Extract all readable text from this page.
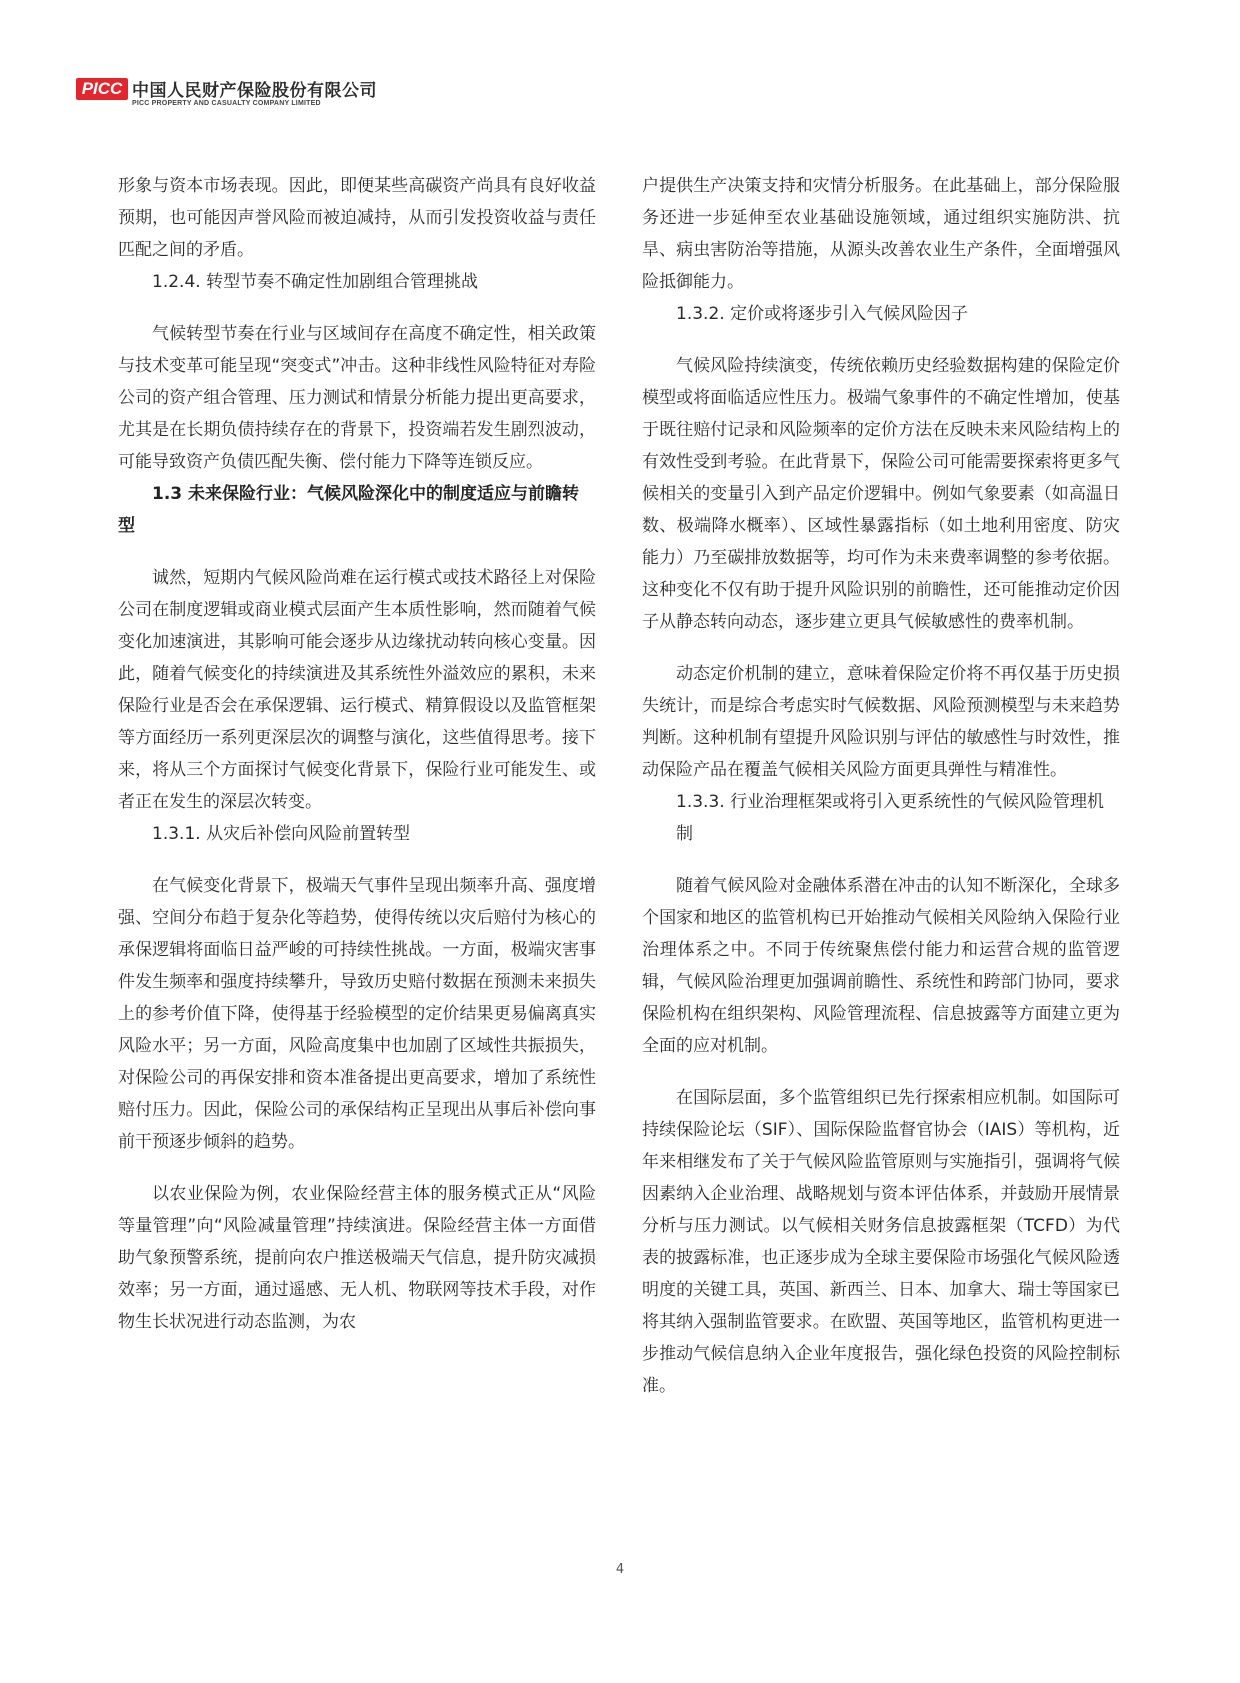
PICC 中国人民财产保险股份有限公司
PICC PROPERTY AND CASUALTY COMPANY LIMITED

形象与资本市场表现。因此，即便某些高碳资产尚具有良好收益预期，也可能因声誉风险而被迫减持，从而引发投资收益与责任匹配之间的矛盾。

1.2.4. 转型节奏不确定性加剧组合管理挑战

气候转型节奏在行业与区域间存在高度不确定性，相关政策与技术变革可能呈现“突变式”冲击。这种非线性风险特征对寿险公司的资产组合管理、压力测试和情景分析能力提出更高要求，尤其是在长期负债持续存在的背景下，投资端若发生剧烈波动，可能导致资产负债匹配失衡、偿付能力下降等连锁反应。

1.3 未来保险行业：气候风险深化中的制度适应与前瞻转型

诚然，短期内气候风险尚难在运行模式或技术路径上对保险公司在制度逻辑或商业模式层面产生本质性影响，然而随着气候变化加速演进，其影响可能会逐步从边缘扰动转向核心变量。因此，随着气候变化的持续演进及其系统性外溢效应的累积，未来保险行业是否会在承保逻辑、运行模式、精算假设以及监管框架等方面经历一系列更深层次的调整与演化，这些值得思考。接下来，将从三个方面探讨气候变化背景下，保险行业可能发生、或者正在发生的深层次转变。

1.3.1. 从灾后补偿向风险前置转型

在气候变化背景下，极端天气事件呈现出频率升高、强度增强、空间分布趋于复杂化等趋势，使得传统以灾后赔付为核心的承保逻辑将面临日益严峻的可持续性挑战。一方面，极端灾害事件发生频率和强度持续攀升，导致历史赔付数据在预测未来损失上的参考价值下降，使得基于经验模型的定价结果更易偏离真实风险水平；另一方面，风险高度集中也加剧了区域性共振损失，对保险公司的再保安排和资本准备提出更高要求，增加了系统性赔付压力。因此，保险公司的承保结构正呈现出从事后补偿向事前干预逐步倾斜的趋势。

以农业保险为例，农业保险经营主体的服务模式正从“风险等量管理”向“风险减量管理”持续演进。保险经营主体一方面借助气象预警系统，提前向农户推送极端天气信息，提升防灾减损效率；另一方面，通过遥感、无人机、物联网等技术手段，对作物生长状况进行动态监测，为农

户提供生产决策支持和灾情分析服务。在此基础上，部分保险服务还进一步延伸至农业基础设施领域，通过组织实施防洪、抗旱、病虫害防治等措施，从源头改善农业生产条件，全面增强风险抵御能力。

1.3.2. 定价或将逐步引入气候风险因子

气候风险持续演变，传统依赖历史经验数据构建的保险定价模型或将面临适应性压力。极端气象事件的不确定性增加，使基于既往赔付记录和风险频率的定价方法在反映未来风险结构上的有效性受到考验。在此背景下，保险公司可能需要探索将更多气候相关的变量引入到产品定价逻辑中。例如气象要素（如高温日数、极端降水概率）、区域性暴露指标（如土地利用密度、防灾能力）乃至碳排放数据等，均可作为未来费率调整的参考依据。这种变化不仅有助于提升风险识别的前瞻性，还可能推动定价因子从静态转向动态，逐步建立更具气候敏感性的费率机制。

动态定价机制的建立，意味着保险定价将不再仅基于历史损失统计，而是综合考虑实时气候数据、风险预测模型与未来趋势判断。这种机制有望提升风险识别与评估的敏感性与时效性，推动保险产品在覆盖气候相关风险方面更具弹性与精准性。

1.3.3. 行业治理框架或将引入更系统性的气候风险管理机制

随着气候风险对金融体系潜在冲击的认知不断深化，全球多个国家和地区的监管机构已开始推动气候相关风险纳入保险行业治理体系之中。不同于传统聚焦偿付能力和运营合规的监管逻辑，气候风险治理更加强调前瞻性、系统性和跨部门协同，要求保险机构在组织架构、风险管理流程、信息披露等方面建立更为全面的应对机制。

在国际层面，多个监管组织已先行探索相应机制。如国际可持续保险论坛（SIF）、国际保险监督官协会（IAIS）等机构，近年来相继发布了关于气候风险监管原则与实施指引，强调将气候因素纳入企业治理、战略规划与资本评估体系，并鼓励开展情景分析与压力测试。以气候相关财务信息披露框架（TCFD）为代表的披露标准，也正逐步成为全球主要保险市场强化气候风险透明度的关键工具，英国、新西兰、日本、加拿大、瑞士等国家已将其纳入强制监管要求。在欧盟、英国等地区，监管机构更进一步推动气候信息纳入企业年度报告，强化绿色投资的风险控制标准。

4
